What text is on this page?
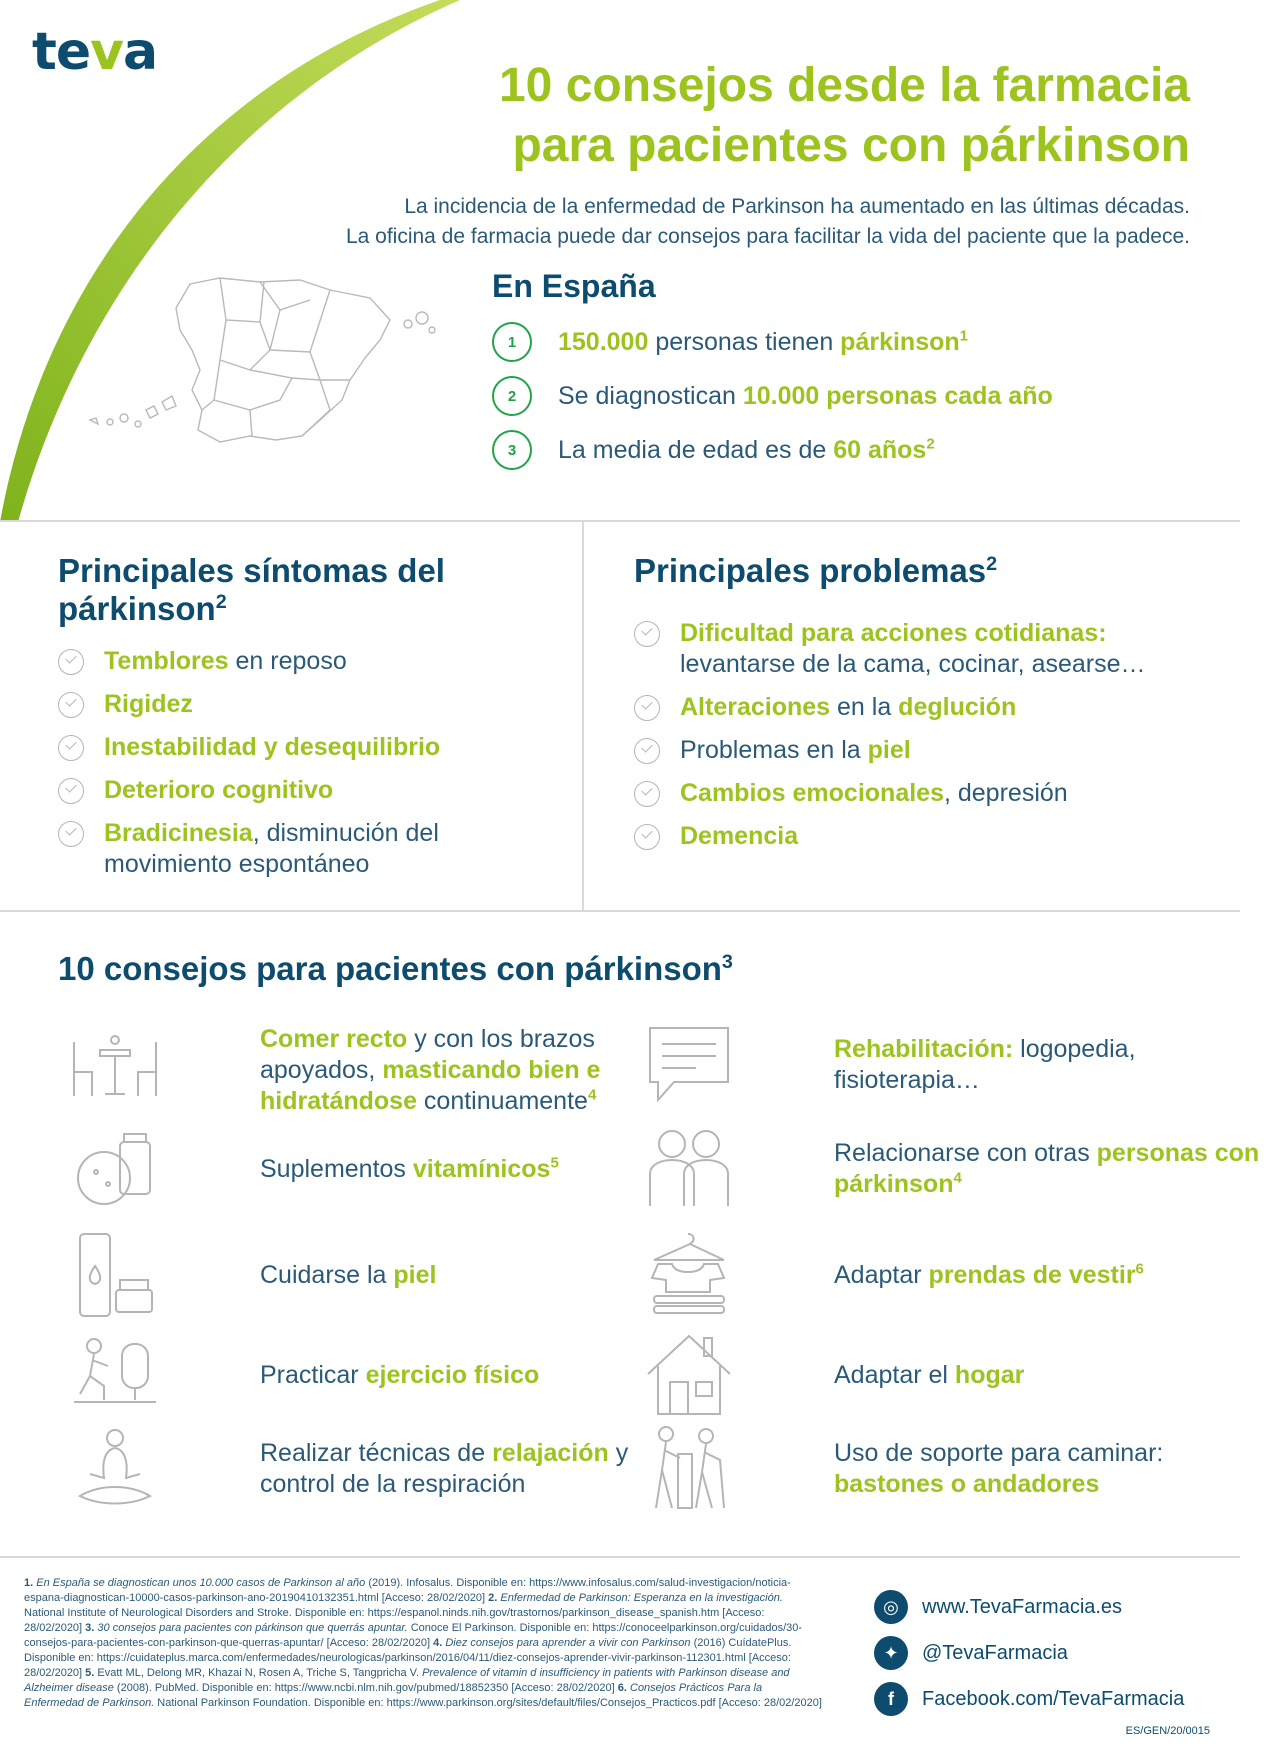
teva
10 consejos desde la farmacia
para pacientes con párkinson
La incidencia de la enfermedad de Parkinson ha aumentado en las últimas décadas.
La oficina de farmacia puede dar consejos para facilitar la vida del paciente que la padece.
En España
1	150.000 personas tienen párkinson$^1$
2	Se diagnostican 10.000 personas cada año
3	La media de edad es de 60 años$^2$
Principales síntomas del
párkinson$^2$
Temblores en reposo
Rigidez
Inestabilidad y desequilibrio
Deterioro cognitivo
Bradicinesia, disminución del movimiento espontáneo
Principales problemas$^2$
Dificultad para acciones cotidianas: levantarse de la cama, cocinar, asearse…
Alteraciones en la deglución
Problemas en la piel
Cambios emocionales, depresión
Demencia
10 consejos para pacientes con párkinson$^3$
Comer recto y con los brazos apoyados, masticando bien e hidratándose continuamente$^4$
Suplementos vitamínicos$^5$
Cuidarse la piel
Practicar ejercicio físico
Realizar técnicas de relajación y control de la respiración
Rehabilitación: logopedia, fisioterapia…
Relacionarse con otras personas con párkinson$^4$
Adaptar prendas de vestir$^6$
Adaptar el hogar
Uso de soporte para caminar: bastones o andadores
1. En España se diagnostican unos 10.000 casos de Parkinson al año (2019). Infosalus. Disponible en: https://www.infosalus.com/salud-investigacion/noticia-espana-diagnostican-10000-casos-parkinson-ano-20190410132351.html [Acceso: 28/02/2020] 2. Enfermedad de Parkinson: Esperanza en la investigación. National Institute of Neurological Disorders and Stroke. Disponible en: https://espanol.ninds.nih.gov/trastornos/parkinson_disease_spanish.htm [Acceso: 28/02/2020] 3. 30 consejos para pacientes con párkinson que querrás apuntar. Conoce El Parkinson. Disponible en: https://conoceelparkinson.org/cuidados/30-consejos-para-pacientes-con-parkinson-que-querras-apuntar/ [Acceso: 28/02/2020] 4. Diez consejos para aprender a vivir con Parkinson (2016) CuídatePlus. Disponible en: https://cuidateplus.marca.com/enfermedades/neurologicas/parkinson/2016/04/11/diez-consejos-aprender-vivir-parkinson-112301.html [Acceso: 28/02/2020] 5. Evatt ML, Delong MR, Khazai N, Rosen A, Triche S, Tangpricha V. Prevalence of vitamin d insufficiency in patients with Parkinson disease and Alzheimer disease (2008). PubMed. Disponible en: https://www.ncbi.nlm.nih.gov/pubmed/18852350 [Acceso: 28/02/2020] 6. Consejos Prácticos Para la Enfermedad de Parkinson. National Parkinson Foundation. Disponible en: https://www.parkinson.org/sites/default/files/Consejos_Practicos.pdf [Acceso: 28/02/2020]
◎	www.TevaFarmacia.es
✦	@TevaFarmacia
f	Facebook.com/TevaFarmacia
ES/GEN/20/0015
